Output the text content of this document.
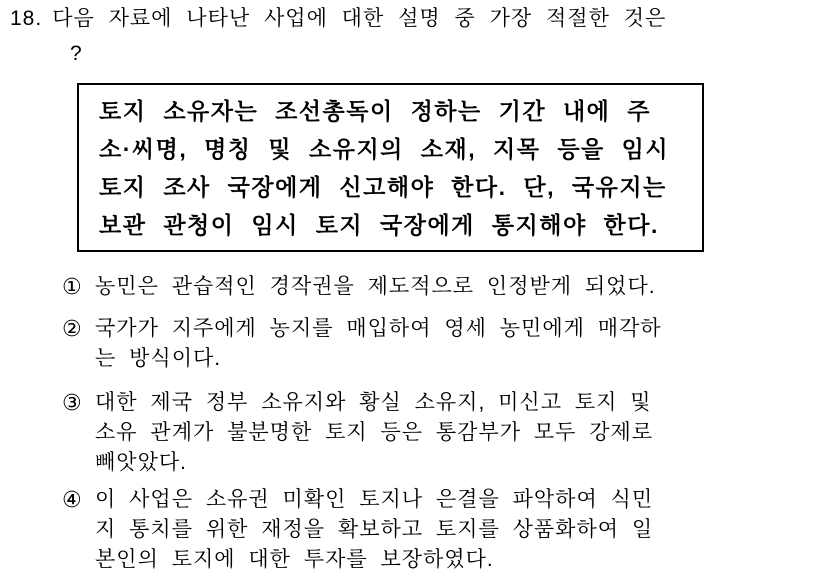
18. 다음 자료에 나타난 사업에 대한 설명 중 가장 적절한 것은
?
토지 소유자는 조선총독이 정하는 기간 내에 주
소·씨명, 명칭 및 소유지의 소재, 지목 등을 임시
토지 조사 국장에게 신고해야 한다. 단, 국유지는
보관 관청이 임시 토지 국장에게 통지해야 한다.
① 농민은 관습적인 경작권을 제도적으로 인정받게 되었다.
② 국가가 지주에게 농지를 매입하여 영세 농민에게 매각하
는 방식이다.
③ 대한 제국 정부 소유지와 황실 소유지, 미신고 토지 및
소유 관계가 불분명한 토지 등은 통감부가 모두 강제로
빼앗았다.
④ 이 사업은 소유권 미확인 토지나 은결을 파악하여 식민
지 통치를 위한 재정을 확보하고 토지를 상품화하여 일
본인의 토지에 대한 투자를 보장하였다.
